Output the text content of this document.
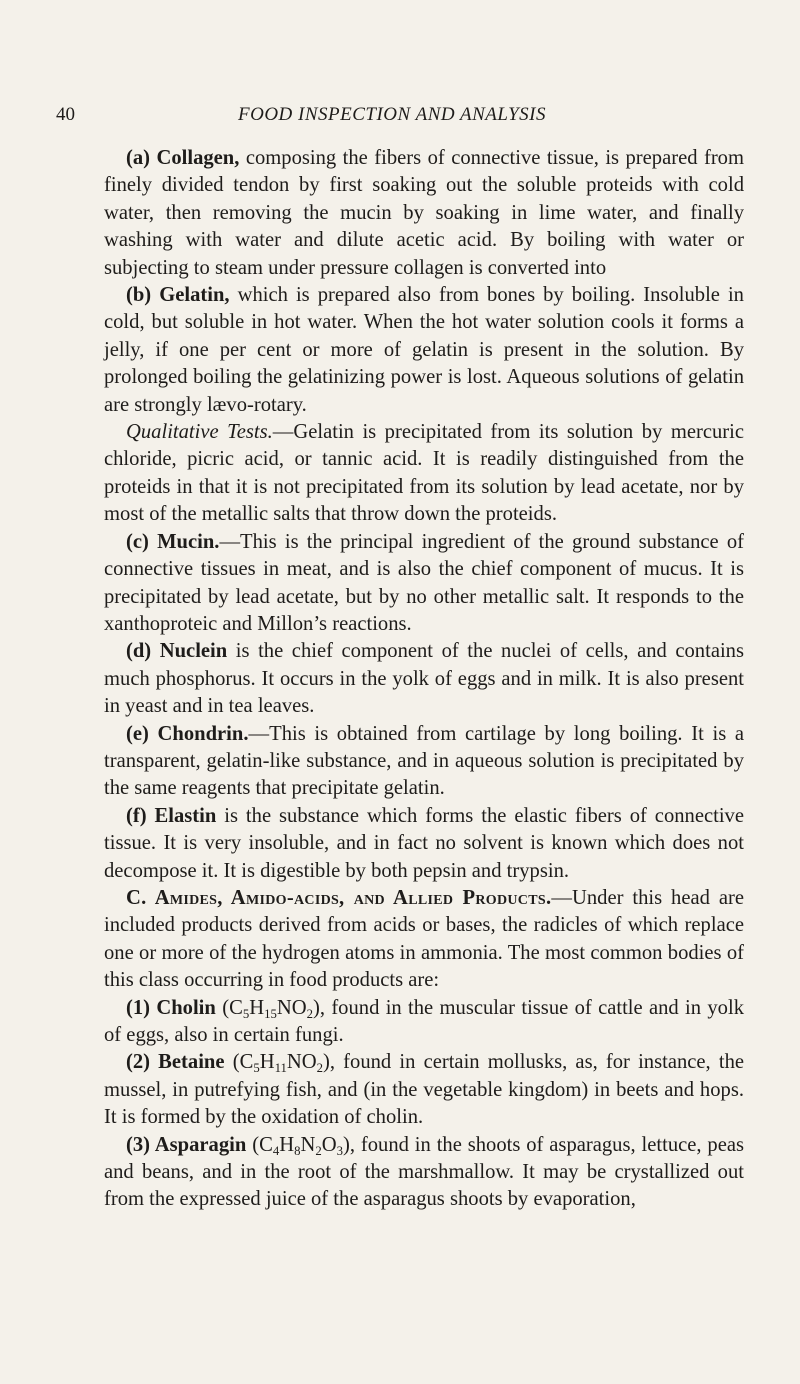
40	FOOD INSPECTION AND ANALYSIS

(a) Collagen, composing the fibers of connective tissue, is prepared from finely divided tendon by first soaking out the soluble proteids with cold water, then removing the mucin by soaking in lime water, and finally washing with water and dilute acetic acid. By boiling with water or subjecting to steam under pressure collagen is converted into

(b) Gelatin, which is prepared also from bones by boiling. Insoluble in cold, but soluble in hot water. When the hot water solution cools it forms a jelly, if one per cent or more of gelatin is present in the solution. By prolonged boiling the gelatinizing power is lost. Aqueous solutions of gelatin are strongly lævo-rotary.

Qualitative Tests.—Gelatin is precipitated from its solution by mercuric chloride, picric acid, or tannic acid. It is readily distinguished from the proteids in that it is not precipitated from its solution by lead acetate, nor by most of the metallic salts that throw down the proteids.

(c) Mucin.—This is the principal ingredient of the ground substance of connective tissues in meat, and is also the chief component of mucus. It is precipitated by lead acetate, but by no other metallic salt. It responds to the xanthoproteic and Millon’s reactions.

(d) Nuclein is the chief component of the nuclei of cells, and contains much phosphorus. It occurs in the yolk of eggs and in milk. It is also present in yeast and in tea leaves.

(e) Chondrin.—This is obtained from cartilage by long boiling. It is a transparent, gelatin-like substance, and in aqueous solution is precipitated by the same reagents that precipitate gelatin.

(f) Elastin is the substance which forms the elastic fibers of connective tissue. It is very insoluble, and in fact no solvent is known which does not decompose it. It is digestible by both pepsin and trypsin.

C. Amides, Amido-acids, and Allied Products.—Under this head are included products derived from acids or bases, the radicles of which replace one or more of the hydrogen atoms in ammonia. The most common bodies of this class occurring in food products are:

(1) Cholin $(C_5H_{15}NO_2)$, found in the muscular tissue of cattle and in yolk of eggs, also in certain fungi.

(2) Betaine $(C_5H_{11}NO_2)$, found in certain mollusks, as, for instance, the mussel, in putrefying fish, and (in the vegetable kingdom) in beets and hops. It is formed by the oxidation of cholin.

(3) Asparagin $(C_4H_8N_2O_3)$, found in the shoots of asparagus, lettuce, peas and beans, and in the root of the marshmallow. It may be crystallized out from the expressed juice of the asparagus shoots by evaporation,
